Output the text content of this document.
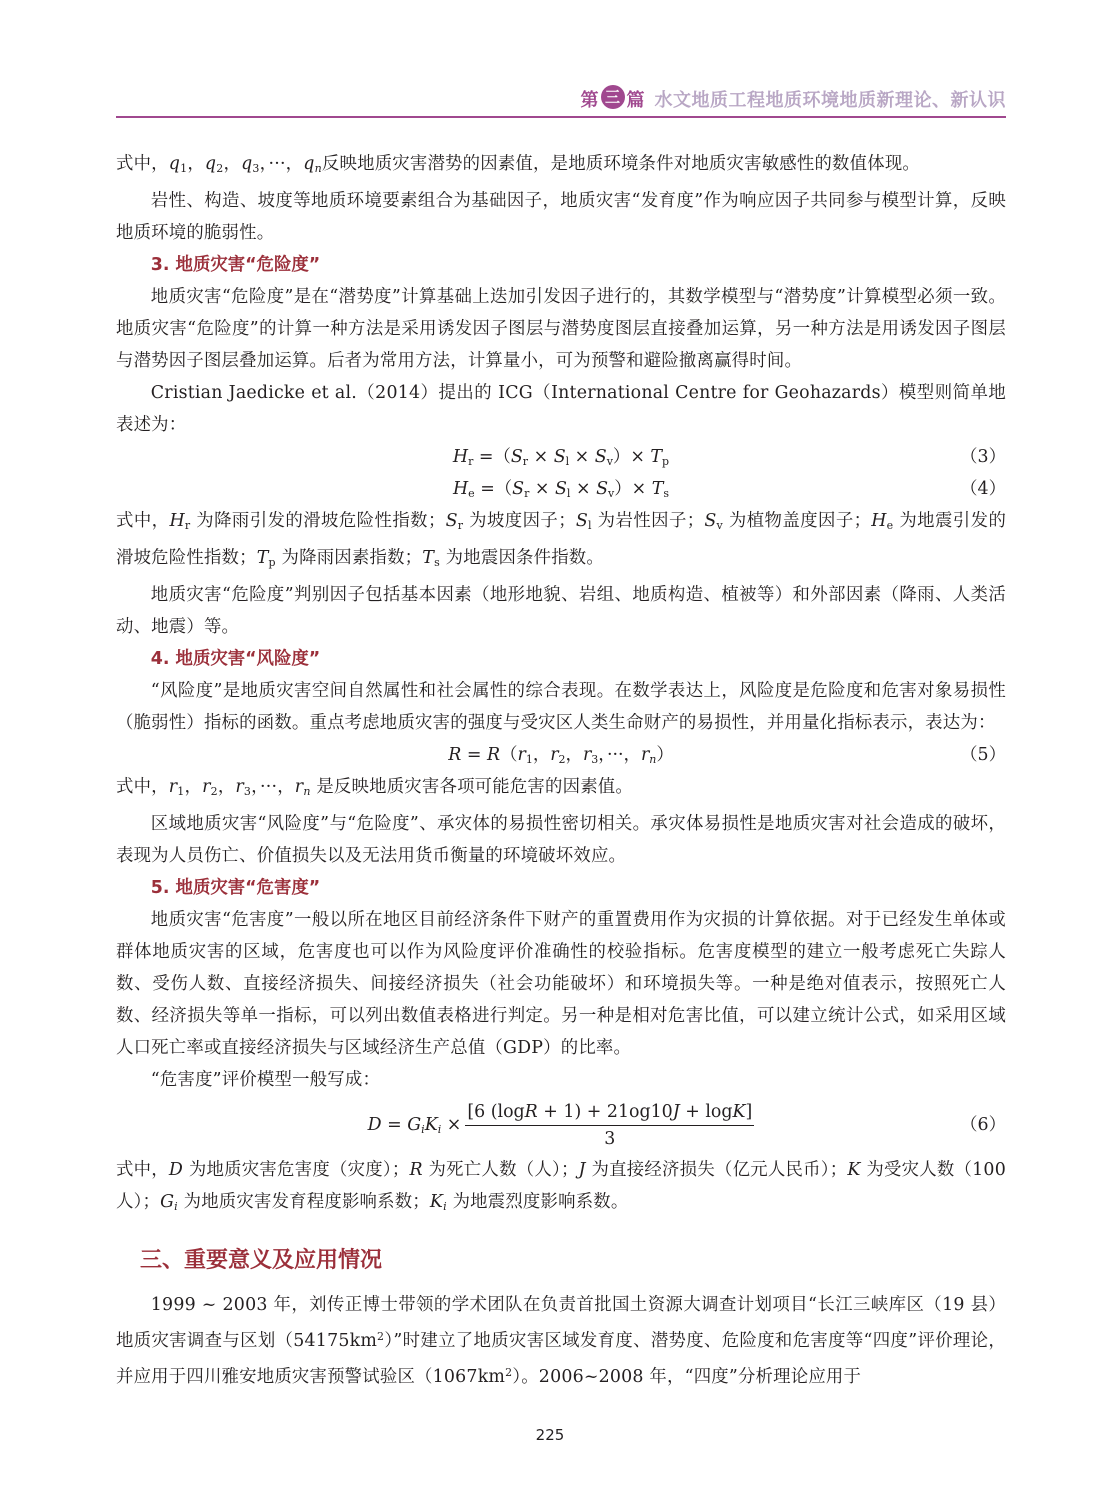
第 三 篇 水文地质工程地质环境地质新理论、新认识

式中，$q_1$，$q_2$，$q_3$，···，$q_n$反映地质灾害潜势的因素值，是地质环境条件对地质灾害敏感性的数值体现。

岩性、构造、坡度等地质环境要素组合为基础因子，地质灾害“发育度”作为响应因子共同参与模型计算，反映地质环境的脆弱性。

3. 地质灾害“危险度”

地质灾害“危险度”是在“潜势度”计算基础上迭加引发因子进行的，其数学模型与“潜势度”计算模型必须一致。地质灾害“危险度”的计算一种方法是采用诱发因子图层与潜势度图层直接叠加运算，另一种方法是用诱发因子图层与潜势因子图层叠加运算。后者为常用方法，计算量小，可为预警和避险撤离赢得时间。

Cristian Jaedicke et al.（2014）提出的 ICG（International Centre for Geohazards）模型则简单地表述为：

$H_r =(S_r \times S_l \times S_v)\times T_p$	（3）
$H_e =(S_r \times S_l \times S_v)\times T_s$	（4）

式中，$H_r$ 为降雨引发的滑坡危险性指数；$S_r$ 为坡度因子；$S_l$ 为岩性因子；$S_v$ 为植物盖度因子；$H_e$ 为地震引发的滑坡危险性指数；$T_p$ 为降雨因素指数；$T_s$ 为地震因条件指数。

地质灾害“危险度”判别因子包括基本因素（地形地貌、岩组、地质构造、植被等）和外部因素（降雨、人类活动、地震）等。

4. 地质灾害“风险度”

“风险度”是地质灾害空间自然属性和社会属性的综合表现。在数学表达上，风险度是危险度和危害对象易损性（脆弱性）指标的函数。重点考虑地质灾害的强度与受灾区人类生命财产的易损性，并用量化指标表示，表达为：

$R = R(r_1$，$r_2$，$r_3$，···，$r_n$）	（5）

式中，$r_1$，$r_2$，$r_3$，···，$r_n$ 是反映地质灾害各项可能危害的因素值。

区域地质灾害“风险度”与“危险度”、承灾体的易损性密切相关。承灾体易损性是地质灾害对社会造成的破坏，表现为人员伤亡、价值损失以及无法用货币衡量的环境破坏效应。

5. 地质灾害“危害度”

地质灾害“危害度”一般以所在地区目前经济条件下财产的重置费用作为灾损的计算依据。对于已经发生单体或群体地质灾害的区域，危害度也可以作为风险度评价准确性的校验指标。危害度模型的建立一般考虑死亡失踪人数、受伤人数、直接经济损失、间接经济损失（社会功能破坏）和环境损失等。一种是绝对值表示，按照死亡人数、经济损失等单一指标，可以列出数值表格进行判定。另一种是相对危害比值，可以建立统计公式，如采用区域人口死亡率或直接经济损失与区域经济生产总值（GDP）的比率。

“危害度”评价模型一般写成：

$D = G_iK_i \times \frac{[6 (\log R + 1) + 21og10J + \log K]}{3}$	（6）

式中，D 为地质灾害危害度（灾度）；R 为死亡人数（人）；J 为直接经济损失（亿元人民币）；K 为受灾人数（100 人）；$G_i$ 为地质灾害发育程度影响系数；$K_i$ 为地震烈度影响系数。

三、重要意义及应用情况

1999 ~ 2003 年，刘传正博士带领的学术团队在负责首批国土资源大调查计划项目“长江三峡库区（19 县）地质灾害调查与区划$(54175km^2)$”时建立了地质灾害区域发育度、潜势度、危险度和危害度等“四度”评价理论，并应用于四川雅安地质灾害预警试验区$(1067km^2)$。2006~2008 年，“四度”分析理论应用于

225
